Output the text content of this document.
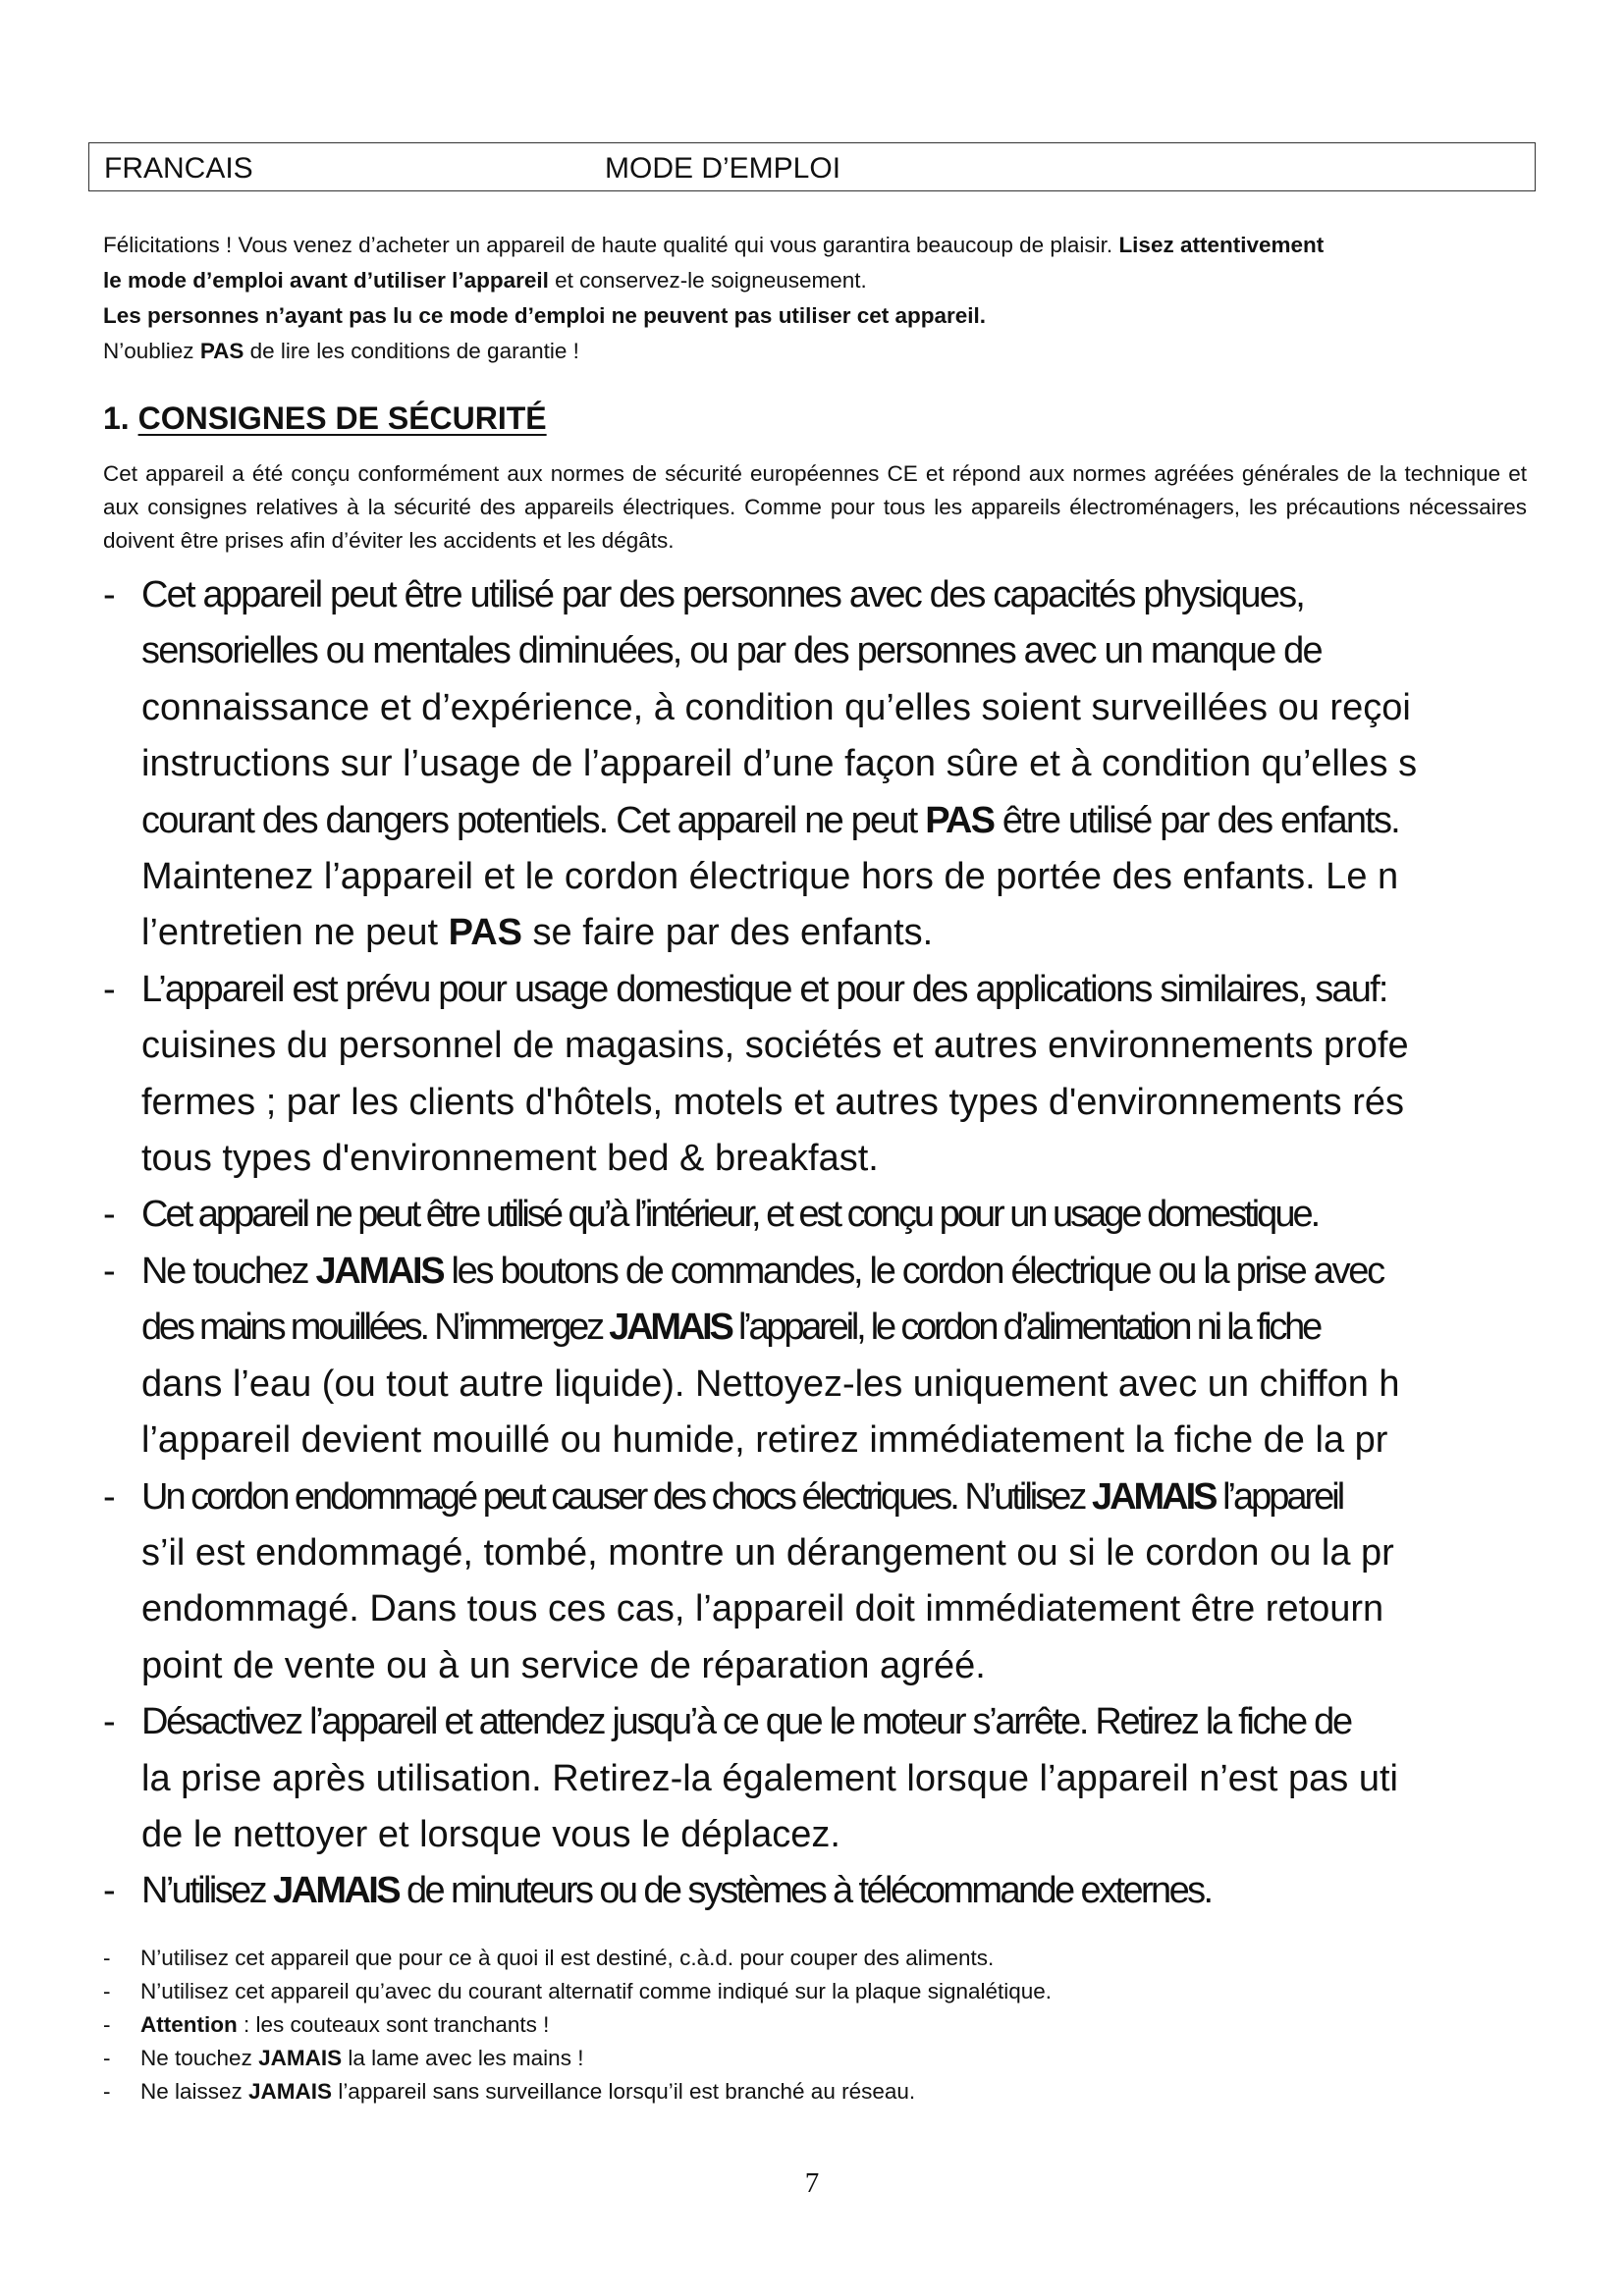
FRANCAIS	MODE D’EMPLOI

Félicitations ! Vous venez d’acheter un appareil de haute qualité qui vous garantira beaucoup de plaisir. Lisez attentivement

le mode d’emploi avant d’utiliser l’appareil et conservez-le soigneusement.

Les personnes n’ayant pas lu ce mode d’emploi ne peuvent pas utiliser cet appareil.

N’oubliez PAS de lire les conditions de garantie !

1. CONSIGNES DE SÉCURITÉ
Cet appareil a été conçu conformément aux normes de sécurité européennes CE et répond aux normes agréées générales de la technique et aux consignes relatives à la sécurité des appareils électriques. Comme pour tous les appareils électroménagers, les précautions nécessaires doivent être prises afin d’éviter les accidents et les dégâts.
- Cet appareil peut être utilisé par des personnes avec des capacités physiques,
sensorielles ou mentales diminuées, ou par des personnes avec un manque de
connaissance et d’expérience, à condition qu’elles soient surveillées ou reçoi
instructions sur l’usage de l’appareil d’une façon sûre et à condition qu’elles s
courant des dangers potentiels. Cet appareil ne peut PAS être utilisé par des enfants.
Maintenez l’appareil et le cordon électrique hors de portée des enfants. Le n
l’entretien ne peut PAS se faire par des enfants.
- L’appareil est prévu pour usage domestique et pour des applications similaires, sauf:
cuisines du personnel de magasins, sociétés et autres environnements profe
fermes ; par les clients d'hôtels, motels et autres types d'environnements rés
tous types d'environnement bed & breakfast.
- Cet appareil ne peut être utilisé qu’à l’intérieur, et est conçu pour un usage domestique.
- Ne touchez JAMAIS les boutons de commandes, le cordon électrique ou la prise avec
des mains mouillées. N’immergez JAMAIS l’appareil, le cordon d’alimentation ni la fiche
dans l’eau (ou tout autre liquide). Nettoyez-les uniquement avec un chiffon h
l’appareil devient mouillé ou humide, retirez immédiatement la fiche de la pr
- Un cordon endommagé peut causer des chocs électriques. N’utilisez JAMAIS l’appareil
s’il est endommagé, tombé, montre un dérangement ou si le cordon ou la pr
endommagé. Dans tous ces cas, l’appareil doit immédiatement être retourn
point de vente ou à un service de réparation agréé.
- Désactivez l’appareil et attendez jusqu’à ce que le moteur s’arrête. Retirez la fiche de
la prise après utilisation. Retirez-la également lorsque l’appareil n’est pas uti
de le nettoyer et lorsque vous le déplacez.
- N’utilisez JAMAIS de minuteurs ou de systèmes à télécommande externes.
- N’utilisez cet appareil que pour ce à quoi il est destiné, c.à.d. pour couper des aliments.
- N’utilisez cet appareil qu’avec du courant alternatif comme indiqué sur la plaque signalétique.
- Attention : les couteaux sont tranchants !
- Ne touchez JAMAIS la lame avec les mains !
- Ne laissez JAMAIS l’appareil sans surveillance lorsqu’il est branché au réseau.
7
